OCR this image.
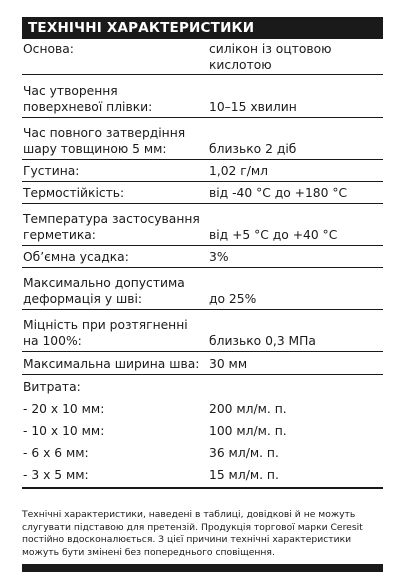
ТЕХНІЧНІ ХАРАКТЕРИСТИКИ
Основа:	силікон із оцтовою
кислотою
Час утворення
поверхневої плівки:	10–15 хвилин
Час повного затвердіння
шару товщиною 5 мм:	близько 2 діб
Густина:	1,02 г/мл
Термостійкість:	від -40 °C до +180 °C
Температура застосування
герметика:	від +5 °C до +40 °C
Об’ємна усадка:	3%
Максимально допустима
деформація у шві:	до 25%
Міцність при розтягненні
на 100%:	близько 0,3 МПа
Максимальна ширина шва: 30 мм
Витрата:
- 20 х 10 мм:	200 мл/м. п.
- 10 х 10 мм:	100 мл/м. п.
- 6 х 6 мм:	36 мл/м. п.
- 3 х 5 мм:	15 мл/м. п.
Технічні характеристики, наведені в таблиці, довідкові й не можуть слугувати підставою для претензій. Продукція торгової марки Ceresit постійно вдосконалюється. З цієї причини технічні характеристики можуть бути змінені без попереднього сповіщення.
